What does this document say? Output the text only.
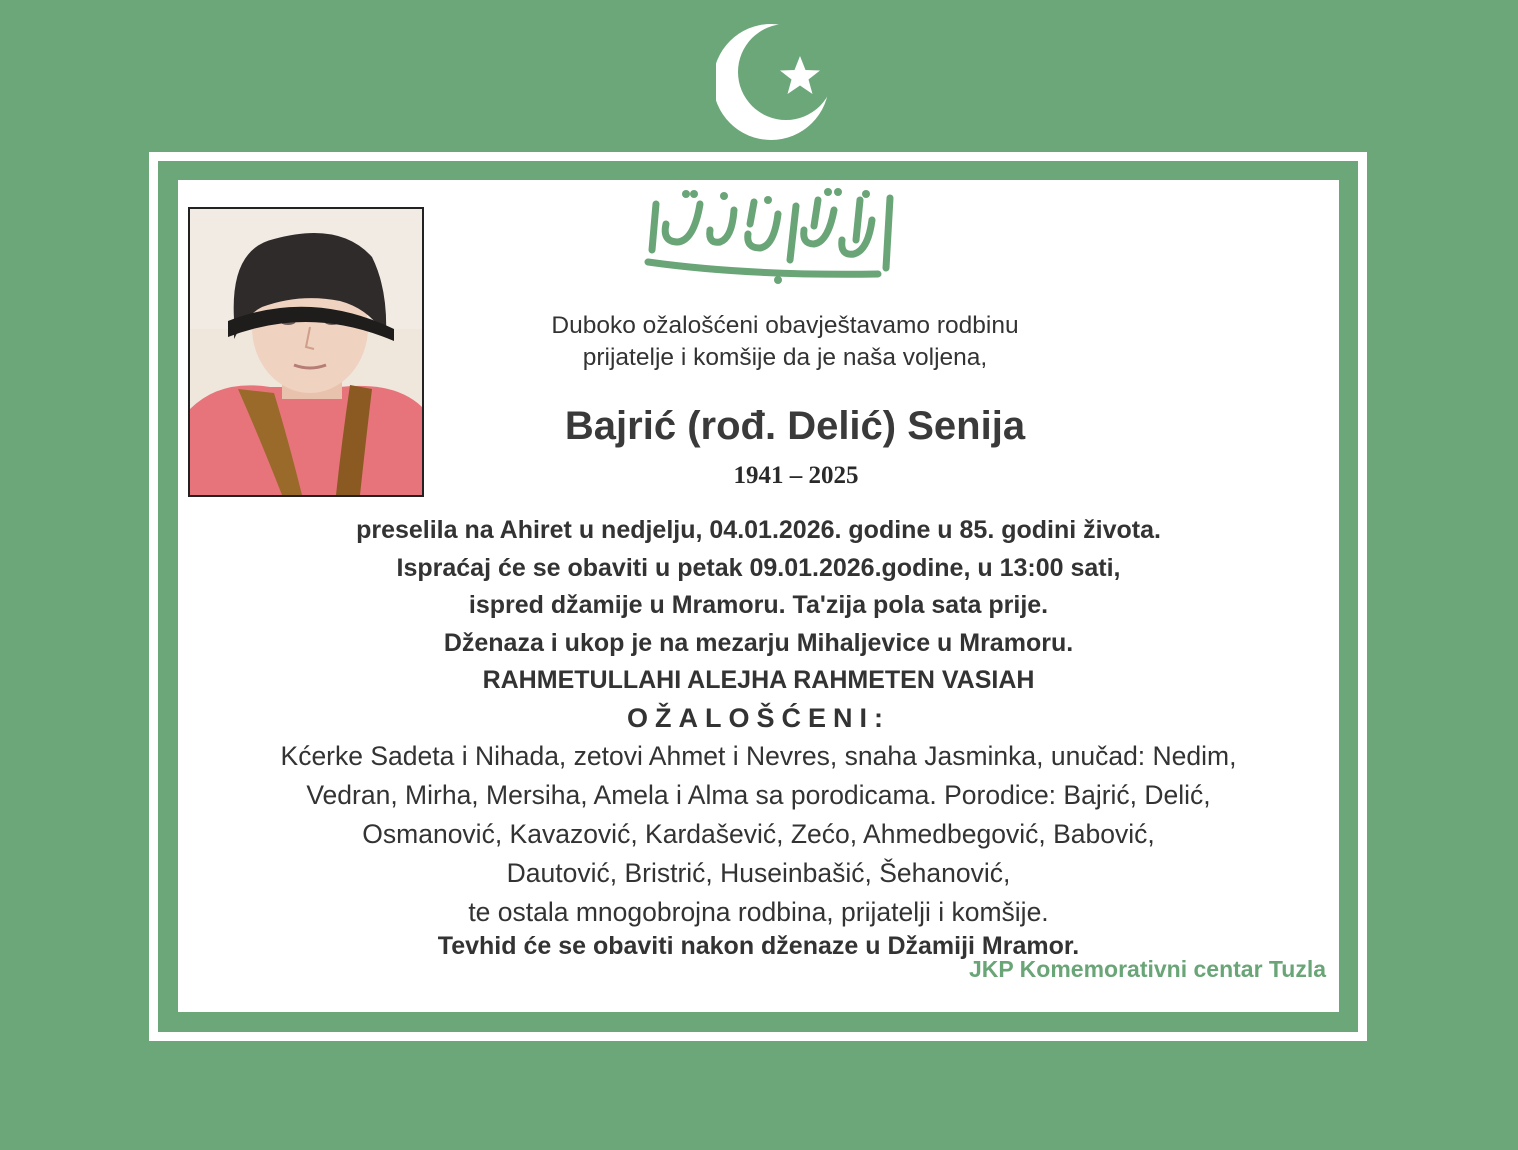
Duboko ožalošćeni obavještavamo rodbinu
prijatelje i komšije da je naša voljena,

Bajrić (rođ. Delić) Senija

1941 – 2025

preselila na Ahiret u nedjelju, 04.01.2026. godine u 85. godini života.
Ispraćaj će se obaviti u petak 09.01.2026.godine, u 13:00 sati,
ispred džamije u Mramoru. Ta'zija pola sata prije.
Dženaza i ukop je na mezarju Mihaljevice u Mramoru.
RAHMETULLAHI ALEJHA RAHMETEN VASIAH

OŽALOŠĆENI:

Kćerke Sadeta i Nihada, zetovi Ahmet i Nevres, snaha Jasminka, unučad: Nedim,
Vedran, Mirha, Mersiha, Amela i Alma sa porodicama. Porodice: Bajrić, Delić,
Osmanović, Kavazović, Kardašević, Zećo, Ahmedbegović, Babović,
Dautović, Bristrić, Huseinbašić, Šehanović,
te ostala mnogobrojna rodbina, prijatelji i komšije.

Tevhid će se obaviti nakon dženaze u Džamiji Mramor.

JKP Komemorativni centar Tuzla
